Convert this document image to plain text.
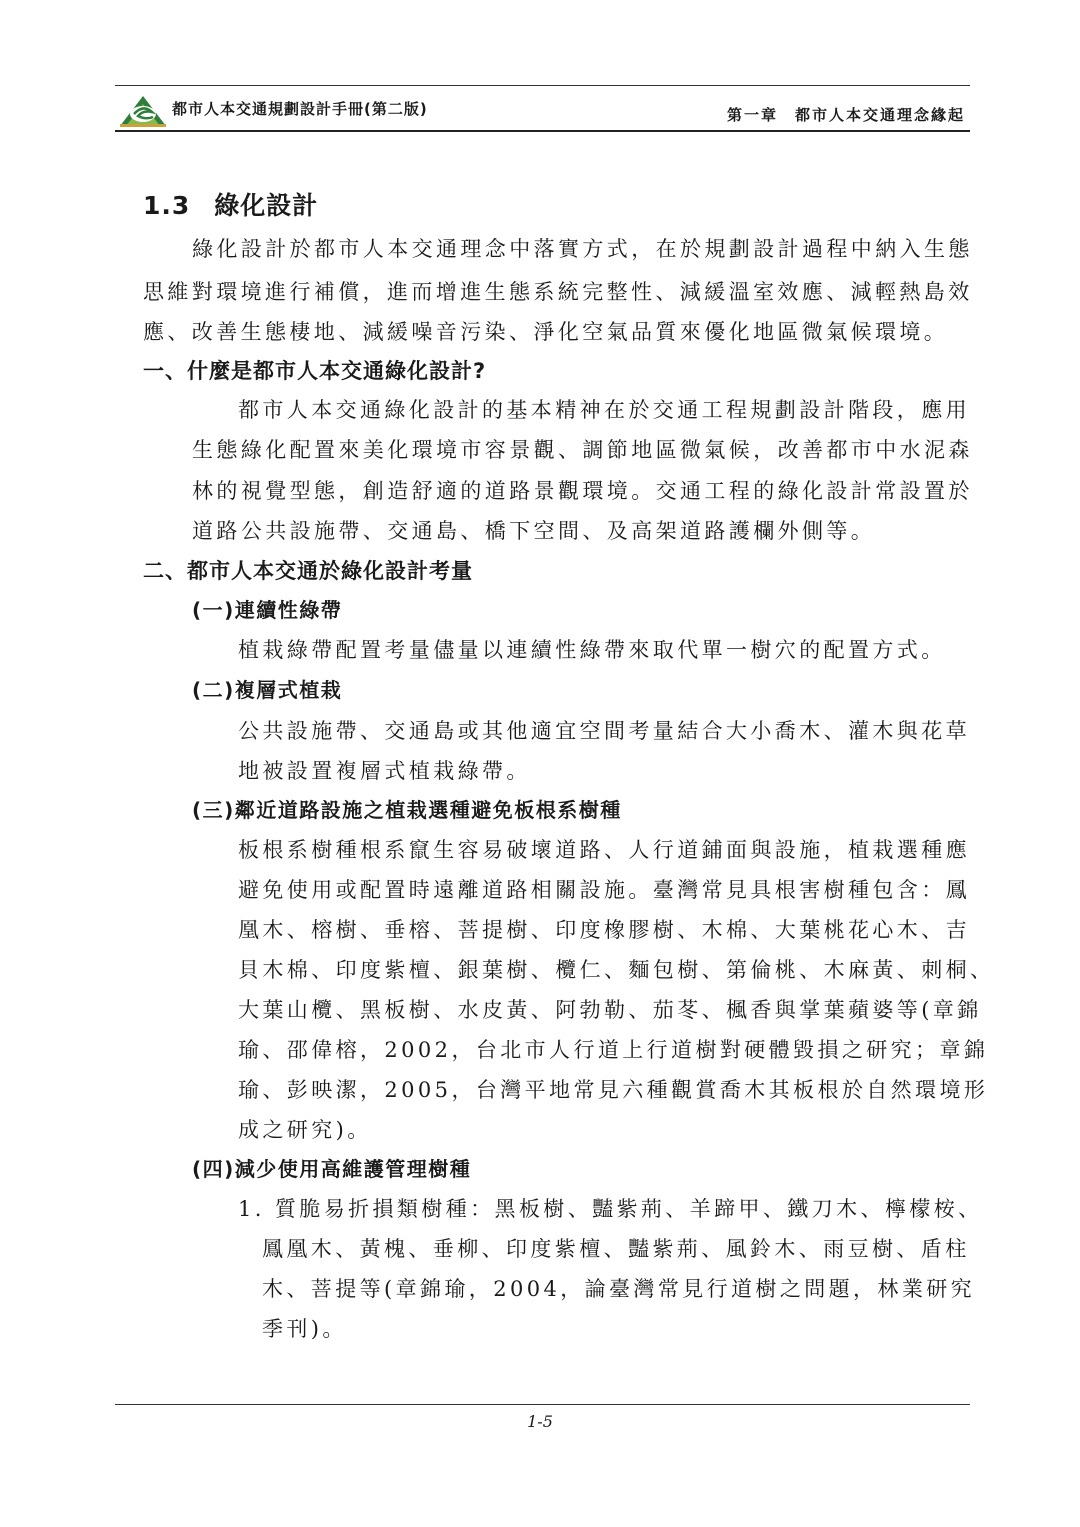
都市人本交通規劃設計手冊(第二版)	第一章　都市人本交通理念緣起
1.3 綠化設計
綠化設計於都市人本交通理念中落實方式，在於規劃設計過程中納入生態
思維對環境進行補償，進而增進生態系統完整性、減緩溫室效應、減輕熱島效
應、改善生態棲地、減緩噪音污染、淨化空氣品質來優化地區微氣候環境。
一、什麼是都市人本交通綠化設計?
都市人本交通綠化設計的基本精神在於交通工程規劃設計階段，應用
生態綠化配置來美化環境市容景觀、調節地區微氣候，改善都市中水泥森
林的視覺型態，創造舒適的道路景觀環境。交通工程的綠化設計常設置於
道路公共設施帶、交通島、橋下空間、及高架道路護欄外側等。
二、都市人本交通於綠化設計考量
(一)連續性綠帶
植栽綠帶配置考量儘量以連續性綠帶來取代單一樹穴的配置方式。
(二)複層式植栽
公共設施帶、交通島或其他適宜空間考量結合大小喬木、灌木與花草
地被設置複層式植栽綠帶。
(三)鄰近道路設施之植栽選種避免板根系樹種
板根系樹種根系竄生容易破壞道路、人行道鋪面與設施，植栽選種應
避免使用或配置時遠離道路相關設施。臺灣常見具根害樹種包含：鳳
凰木、榕樹、垂榕、菩提樹、印度橡膠樹、木棉、大葉桃花心木、吉
貝木棉、印度紫檀、銀葉樹、欖仁、麵包樹、第倫桃、木麻黃、刺桐、
大葉山欖、黑板樹、水皮黃、阿勃勒、茄苳、楓香與掌葉蘋婆等(章錦
瑜、邵偉榕，2002，台北市人行道上行道樹對硬體毀損之研究；章錦
瑜、彭映潔，2005，台灣平地常見六種觀賞喬木其板根於自然環境形
成之研究)。
(四)減少使用高維護管理樹種
1. 質脆易折損類樹種：黑板樹、豔紫荊、羊蹄甲、鐵刀木、檸檬桉、
鳳凰木、黃槐、垂柳、印度紫檀、豔紫荊、風鈴木、雨豆樹、盾柱
木、菩提等(章錦瑜，2004，論臺灣常見行道樹之問題，林業研究
季刊)。
1-5
